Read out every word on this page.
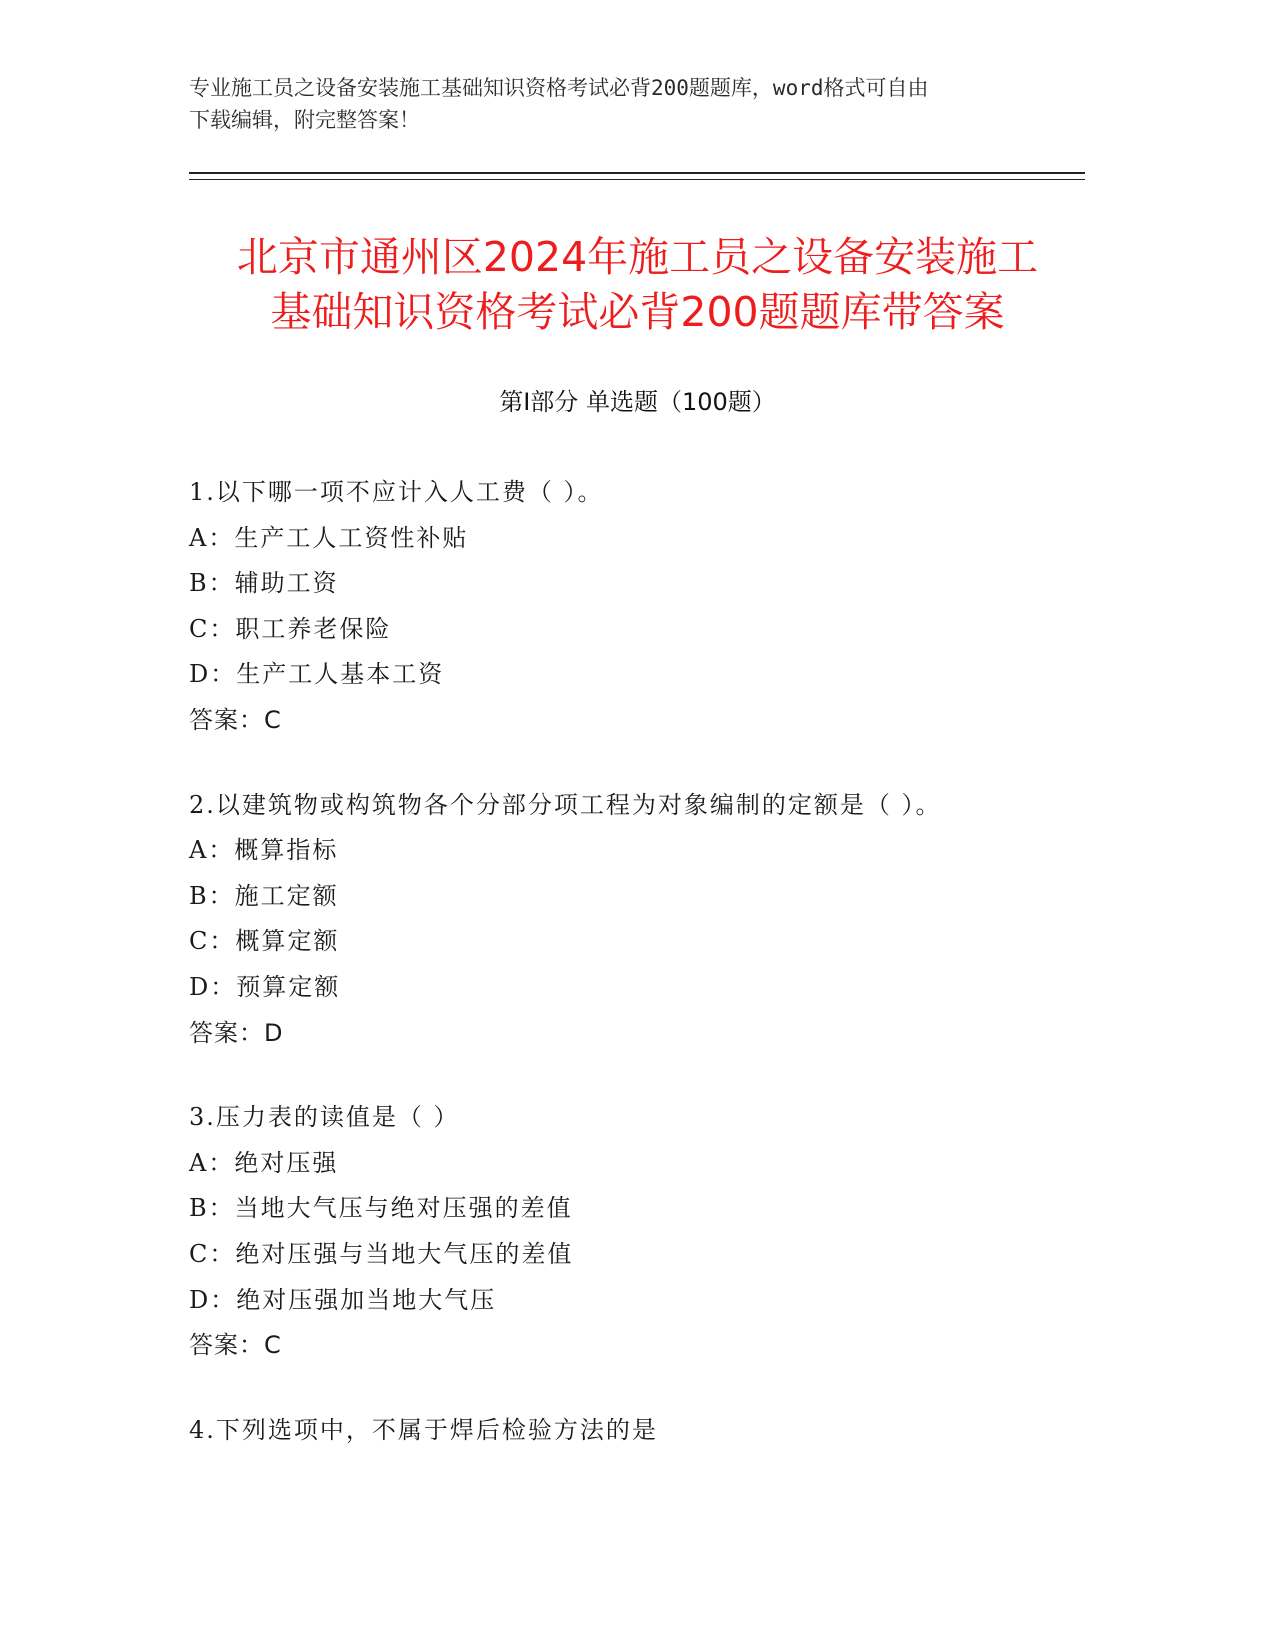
专业施工员之设备安装施工基础知识资格考试必背200题题库，word格式可自由
下载编辑，附完整答案！
北京市通州区2024年施工员之设备安装施工
基础知识资格考试必背200题题库带答案
第Ⅰ部分 单选题（100题）
1.以下哪一项不应计入人工费（ ）。
A：生产工人工资性补贴
B：辅助工资
C：职工养老保险
D：生产工人基本工资
答案：C
2.以建筑物或构筑物各个分部分项工程为对象编制的定额是（ ）。
A：概算指标
B：施工定额
C：概算定额
D：预算定额
答案：D
3.压力表的读值是（ ）
A：绝对压强
B：当地大气压与绝对压强的差值
C：绝对压强与当地大气压的差值
D：绝对压强加当地大气压
答案：C
4.下列选项中，不属于焊后检验方法的是
